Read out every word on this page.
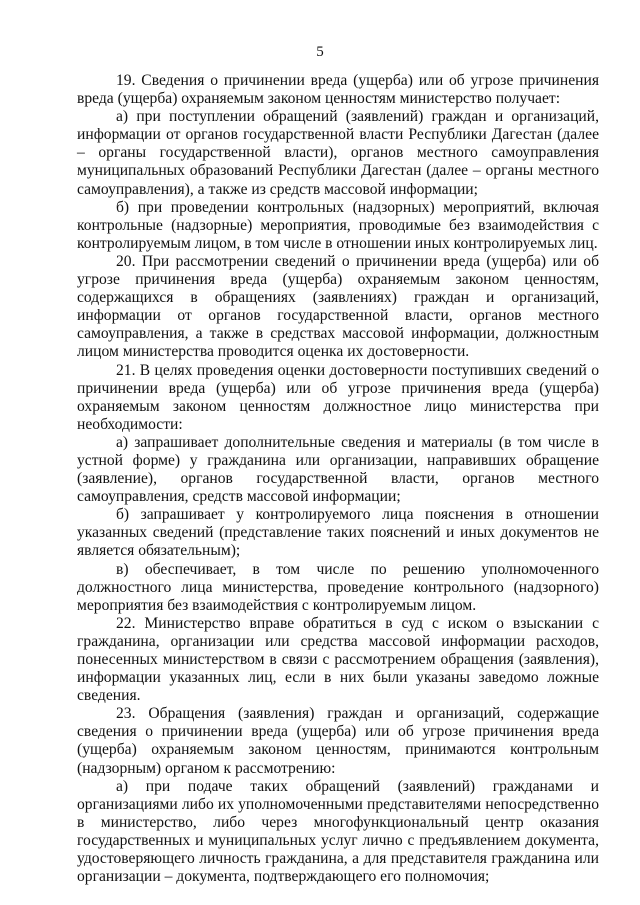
5

19. Сведения о причинении вреда (ущерба) или об угрозе причинения вреда (ущерба) охраняемым законом ценностям министерство получает:

а) при поступлении обращений (заявлений) граждан и организаций, информации от органов государственной власти Республики Дагестан (далее – органы государственной власти), органов местного самоуправления муниципальных образований Республики Дагестан (далее – органы местного самоуправления), а также из средств массовой информации;

б) при проведении контрольных (надзорных) мероприятий, включая контрольные (надзорные) мероприятия, проводимые без взаимодействия с контролируемым лицом, в том числе в отношении иных контролируемых лиц.

20. При рассмотрении сведений о причинении вреда (ущерба) или об угрозе причинения вреда (ущерба) охраняемым законом ценностям, содержащихся в обращениях (заявлениях) граждан и организаций, информации от органов государственной власти, органов местного самоуправления, а также в средствах массовой информации, должностным лицом министерства проводится оценка их достоверности.

21. В целях проведения оценки достоверности поступивших сведений о причинении вреда (ущерба) или об угрозе причинения вреда (ущерба) охраняемым законом ценностям должностное лицо министерства при необходимости:

а) запрашивает дополнительные сведения и материалы (в том числе в устной форме) у гражданина или организации, направивших обращение (заявление), органов государственной власти, органов местного самоуправления, средств массовой информации;

б) запрашивает у контролируемого лица пояснения в отношении указанных сведений (представление таких пояснений и иных документов не является обязательным);

в) обеспечивает, в том числе по решению уполномоченного должностного лица министерства, проведение контрольного (надзорного) мероприятия без взаимодействия с контролируемым лицом.

22. Министерство вправе обратиться в суд с иском о взыскании с гражданина, организации или средства массовой информации расходов, понесенных министерством в связи с рассмотрением обращения (заявления), информации указанных лиц, если в них были указаны заведомо ложные сведения.

23. Обращения (заявления) граждан и организаций, содержащие сведения о причинении вреда (ущерба) или об угрозе причинения вреда (ущерба) охраняемым законом ценностям, принимаются контрольным (надзорным) органом к рассмотрению:

а) при подаче таких обращений (заявлений) гражданами и организациями либо их уполномоченными представителями непосредственно в министерство, либо через многофункциональный центр оказания государственных и муниципальных услуг лично с предъявлением документа, удостоверяющего личность гражданина, а для представителя гражданина или организации – документа, подтверждающего его полномочия;
